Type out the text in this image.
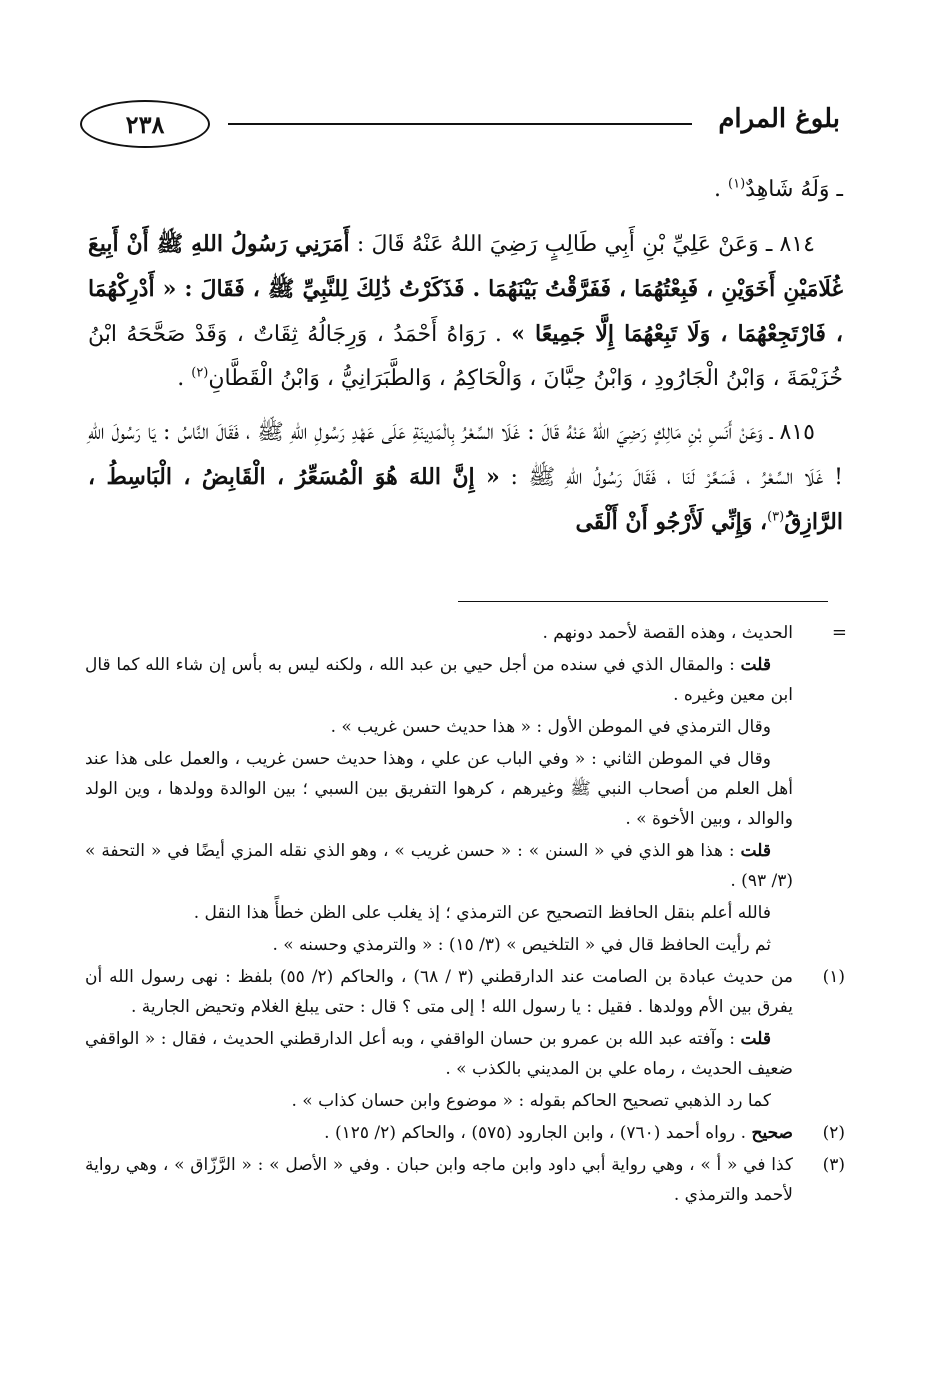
٢٣٨	بلوغ المرام

ـ وَلَهُ شَاهِدٌ$^{(١)}$ .

٨١٤ ـ وَعَنْ عَلِيِّ بْنِ أَبِي طَالِبٍ رَضِيَ اللهُ عَنْهُ قَالَ : أَمَرَنِي رَسُولُ اللهِ ﷺ أَنْ أَبِيعَ غُلَامَيْنِ أَخَوَيْنِ ، فَبِعْتُهُمَا ، فَفَرَّقْتُ بَيْنَهُمَا . فَذَكَرْتُ ذَٰلِكَ لِلنَّبِيِّ ﷺ ، فَقَالَ : « أَدْرِكْهُمَا ، فَارْتَجِعْهُمَا ، وَلَا تَبِعْهُمَا إِلَّا جَمِيعًا » . رَوَاهُ أَحْمَدُ ، وَرِجَالُهُ ثِقَاتٌ ، وَقَدْ صَحَّحَهُ ابْنُ خُزَيْمَةَ ، وَابْنُ الْجَارُودِ ، وَابْنُ حِبَّانَ ، وَالْحَاكِمُ ، وَالطَّبَرَانِيُّ ، وَابْنُ الْقَطَّانِ$^{(٢)}$ .

٨١٥ ـ وَعَنْ أَنَسِ بْنِ مَالِكٍ رَضِيَ اللهُ عَنْهُ قَالَ : غَلَا السِّعْرُ بِالْمَدِينَةِ عَلَى عَهْدِ رَسُولِ اللهِ ﷺ ، فَقَالَ النَّاسُ : يَا رَسُولَ اللهِ ! غَلَا السِّعْرُ ، فَسَعِّرْ لَنَا ، فَقَالَ رَسُولُ اللهِ ﷺ : « إِنَّ اللهَ هُوَ الْمُسَعِّرُ ، الْقَابِضُ ، الْبَاسِطُ ، الرَّازِقُ$^{(٣)}$، وَإِنِّي لَأَرْجُو أَنْ أَلْقَى

=

الحديث ، وهذه القصة لأحمد دونهم .

قلت : والمقال الذي في سنده من أجل حيي بن عبد الله ، ولكنه ليس به بأس إن شاء الله كما قال ابن معين وغيره .

وقال الترمذي في الموطن الأول : « هذا حديث حسن غريب » .

وقال في الموطن الثاني : « وفي الباب عن علي ، وهذا حديث حسن غريب ، والعمل على هذا عند أهل العلم من أصحاب النبي ﷺ وغيرهم ، كرهوا التفريق بين السبي ؛ بين الوالدة وولدها ، وين الولد والوالد ، وبين الأخوة » .

قلت : هذا هو الذي في « السنن » : « حسن غريب » ، وهو الذي نقله المزي أيضًا في « التحفة » (٣/ ٩٣) .

فالله أعلم بنقل الحافظ التصحيح عن الترمذي ؛ إذ يغلب على الظن خطأً هذا النقل .

ثم رأيت الحافظ قال في « التلخيص » (٣/ ١٥) : « والترمذي وحسنه » .

(١)

من حديث عبادة بن الصامت عند الدارقطني (٣ / ٦٨) ، والحاكم (٢/ ٥٥) بلفظ : نهى رسول الله أن يفرق بين الأم وولدها . فقيل : يا رسول الله ! إلى متى ؟ قال : حتى يبلغ الغلام وتحيض الجارية .

قلت : وآفته عبد الله بن عمرو بن حسان الواقفي ، وبه أعل الدارقطني الحديث ، فقال : « الواقفي ضعيف الحديث ، رماه علي بن المديني بالكذب » .

كما رد الذهبي تصحيح الحاكم بقوله : « موضوع وابن حسان كذاب » .

(٢)

صحيح . رواه أحمد (٧٦٠) ، وابن الجارود (٥٧٥) ، والحاكم (٢/ ١٢٥) .

(٣)

كذا في « أ » ، وهي رواية أبي داود وابن ماجه وابن حبان . وفي « الأصل » : « الرَّزّاق » ، وهي رواية لأحمد والترمذي .
